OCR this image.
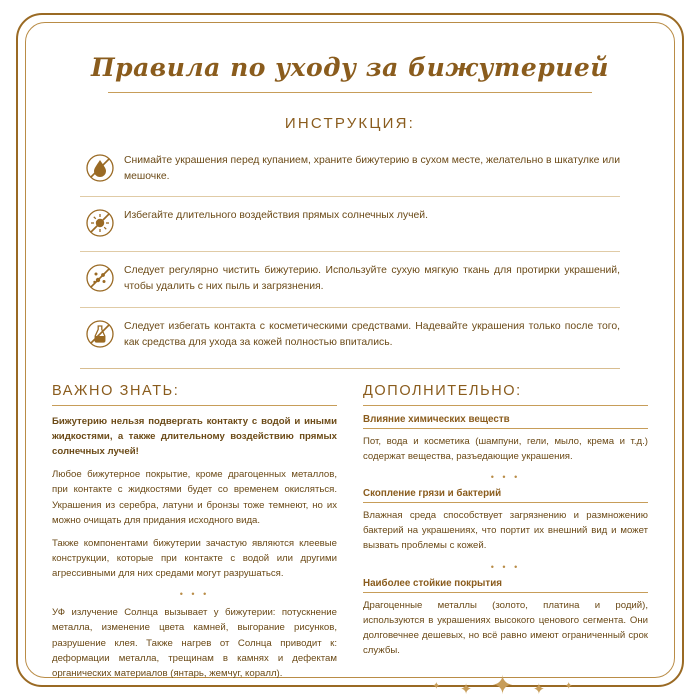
Правила по уходу за бижутерией
ИНСТРУКЦИЯ:
Снимайте украшения перед купанием, храните бижутерию в сухом месте, желательно в шкатулке или мешочке.
Избегайте длительного воздействия прямых солнечных лучей.
Следует регулярно чистить бижутерию. Используйте сухую мягкую ткань для протирки украшений, чтобы удалить с них пыль и загрязнения.
Следует избегать контакта с косметическими средствами. Надевайте украшения только после того, как средства для ухода за кожей полностью впитались.
ВАЖНО ЗНАТЬ:

Бижутерию нельзя подвергать контакту с водой и иными жидкостями, а также длительному воздействию прямых солнечных лучей!

Любое бижутерное покрытие, кроме драгоценных металлов, при контакте с жидкостями будет со временем окисляться. Украшения из серебра, латуни и бронзы тоже темнеют, но их можно очищать для придания исходного вида.

Также компонентами бижутерии зачастую являются клеевые конструкции, которые при контакте с водой или другими агрессивными для них средами могут разрушаться.

• • •

УФ излучение Солнца вызывает у бижутерии: потускнение металла, изменение цвета камней, выгорание рисунков, разрушение клея. Также нагрев от Солнца приводит к: деформации металла, трещинам в камнях и дефектам органических материалов (янтарь, жемчуг, коралл).

ДОПОЛНИТЕЛЬНО:
Влияние химических веществ

Пот, вода и косметика (шампуни, гели, мыло, крема и т.д.) содержат вещества, разъедающие украшения.

• • •
Скопление грязи и бактерий

Влажная среда способствует загрязнению и размножению бактерий на украшениях, что портит их внешний вид и может вызвать проблемы с кожей.

• • •
Наиболее стойкие покрытия

Драгоценные металлы (золото, платина и родий), используются в украшениях высокого ценового сегмента. Они долговечнее дешевых, но всё равно имеют ограниченный срок службы.

✦ ✦ ✦ ✦ ✦
